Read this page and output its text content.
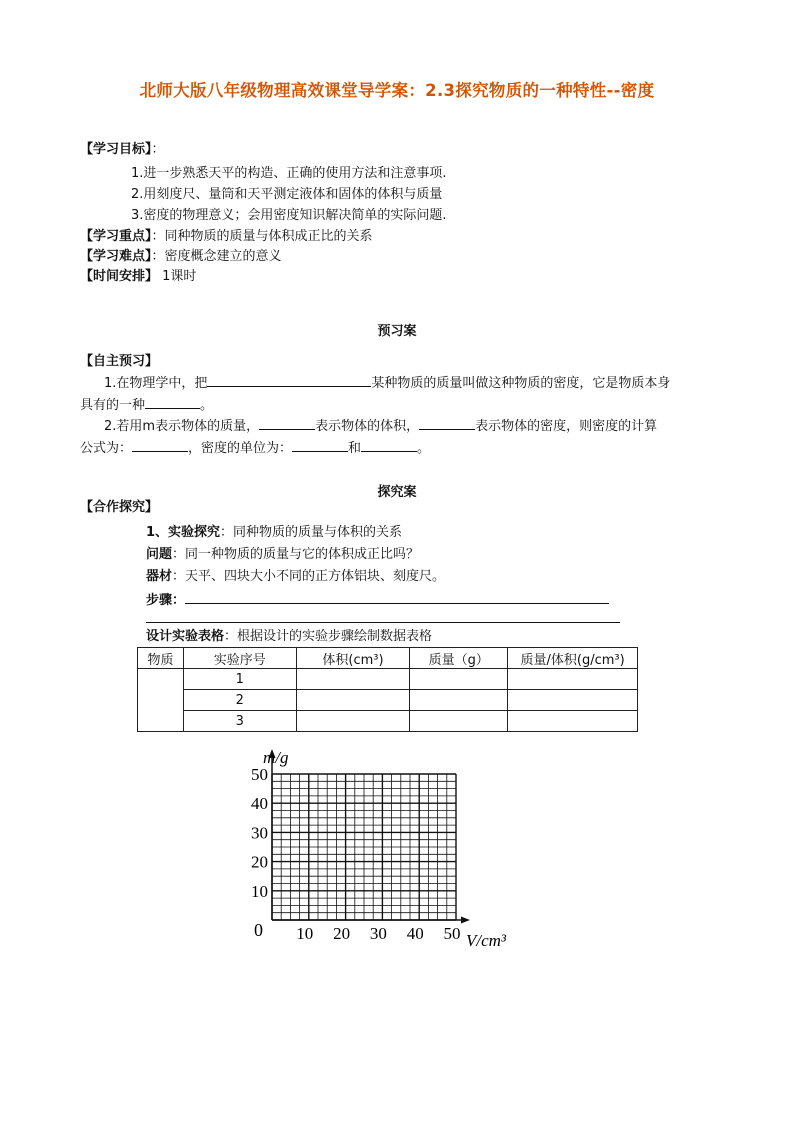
北师大版八年级物理高效课堂导学案：2.3探究物质的一种特性--密度
【学习目标】：
1.进一步熟悉天平的构造、正确的使用方法和注意事项.
2.用刻度尺、量筒和天平测定液体和固体的体积与质量
3.密度的物理意义；会用密度知识解决简单的实际问题.
【学习重点】：同种物质的质量与体积成正比的关系
【学习难点】：密度概念建立的意义
【时间安排】 1课时
预习案
【自主预习】
1.在物理学中，把	某种物质的质量叫做这种物质的密度，它是物质本身
具有的一种	。
2.若用m表示物体的质量，	表示物体的体积，	表示物体的密度，则密度的计算
公式为：	，密度的单位为：	和	。
探究案
【合作探究】
1、实验探究：同种物质的质量与体积的关系
问题：同一种物质的质量与它的体积成正比吗？
器材：天平、四块大小不同的正方体铝块、刻度尺。
步骤：
设计实验表格：根据设计的实验步骤绘制数据表格
物质	实验序号	体积(cm³)	质量（g）	质量/体积(g/cm³)
	1			
	2			
	3			
m/g
V/cm³
0
10
20
30
40
50
10 20 30 40 50
